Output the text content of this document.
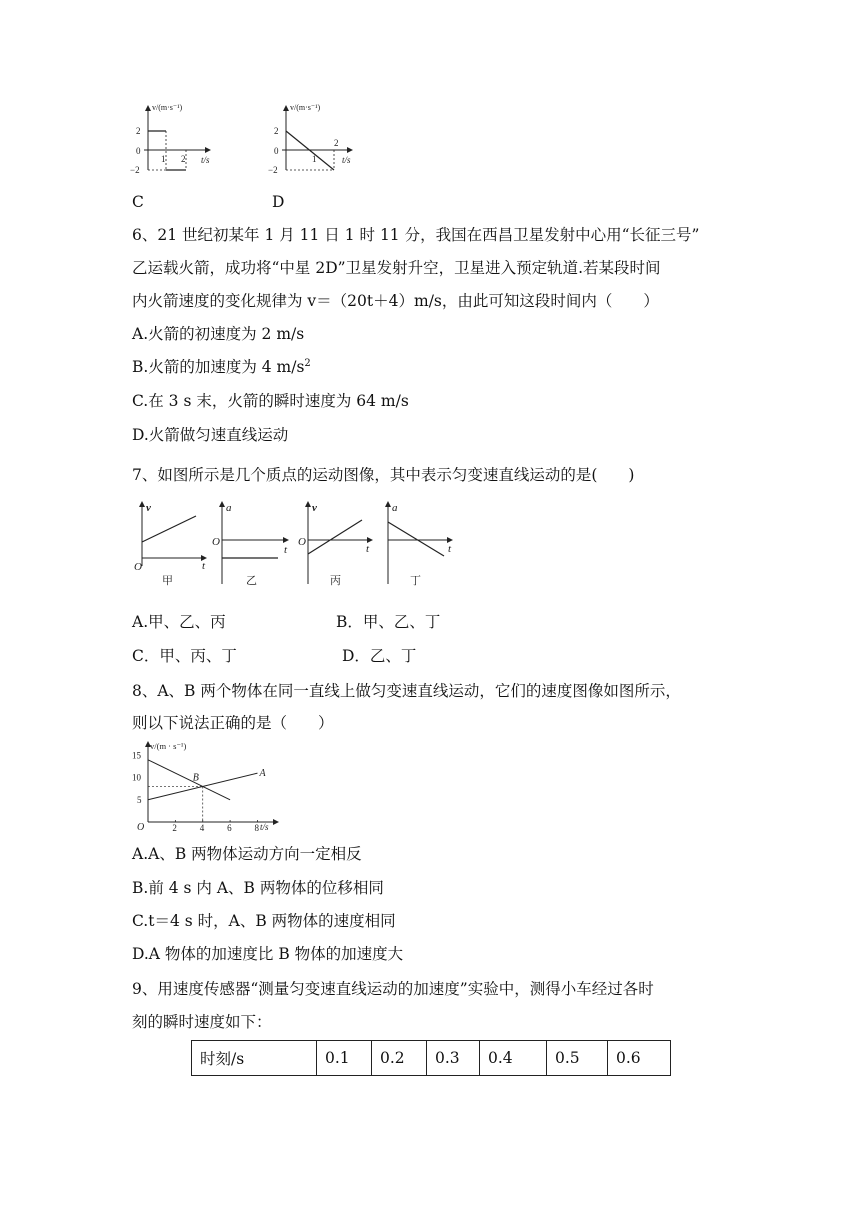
v/(m·s⁻¹)
2
0
−2
1 2 t/s
C
v/(m·s⁻¹)
2
0
−2
1
2
t/s
D
6、21 世纪初某年 1 月 11 日 1 时 11 分，我国在西昌卫星发射中心用“长征三号”
乙运载火箭，成功将“中星 2D”卫星发射升空，卫星进入预定轨道.若某段时间
内火箭速度的变化规律为 v＝（20t＋4）m/s，由此可知这段时间内（　　）
A.火箭的初速度为 2 m/s
B.火箭的加速度为 4 $m/s^2$
C.在 3 s 末，火箭的瞬时速度为 64 m/s
D.火箭做匀速直线运动
7、如图所示是几个质点的运动图像，其中表示匀变速直线运动的是(　　)
v
O	t
甲
a
O
t
乙
v
O
t
丙
a
t
丁
A.甲、乙、丙	B．甲、乙、丁
C．甲、丙、丁	D．乙、丁
8、A、B 两个物体在同一直线上做匀变速直线运动，它们的速度图像如图所示，
则以下说法正确的是（　　）
v/(m · s⁻¹)
t/s
O	2	4	6	8
5
10
15
A
B
A.A、B 两物体运动方向一定相反
B.前 4 s 内 A、B 两物体的位移相同
C.t＝4 s 时，A、B 两物体的速度相同
D.A 物体的加速度比 B 物体的加速度大
9、用速度传感器“测量匀变速直线运动的加速度”实验中，测得小车经过各时
刻的瞬时速度如下：
时刻/s	0.1	0.2	0.3	0.4	0.5	0.6
